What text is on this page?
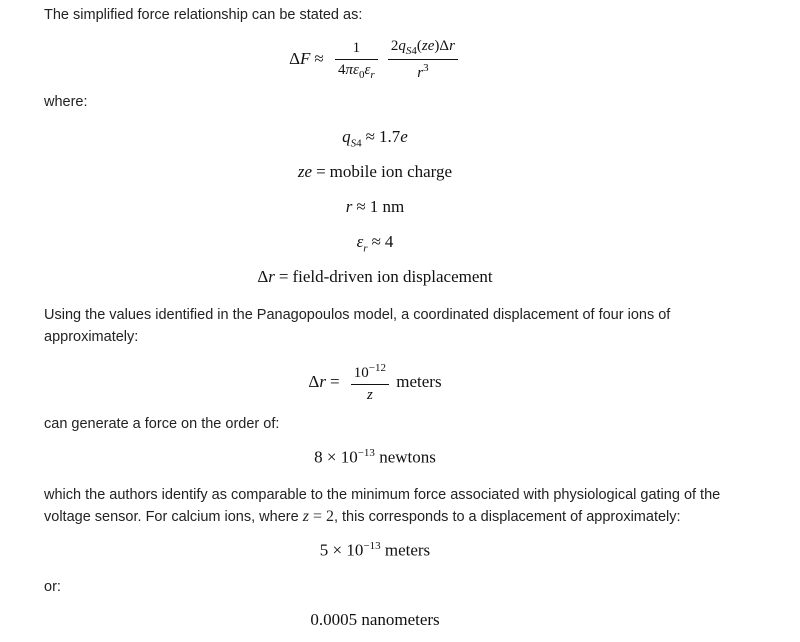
The simplified force relationship can be stated as:
$\Delta F \approx \frac{1}{4\pi\varepsilon_0\varepsilon_r}$
$\frac{2q_{S4}(ze)\Delta r}{r^3}$
where:
$q_{S4} \approx 1.7e$
ze = mobile ion charge
r ≈ 1 nm
$\varepsilon_r \approx 4$
Δr = field-driven ion displacement
Using the values identified in the Panagopoulos model, a coordinated displacement of four ions of approximately:
$\Delta r = \frac{10^{-12}}{z}$ meters
can generate a force on the order of:
$8 \times 10^{-13}$ newtons
which the authors identify as comparable to the minimum force associated with physiological gating of the voltage sensor. For calcium ions, where z = 2, this corresponds to a displacement of approximately:
$5 \times 10^{-13}$ meters
or:
0.0005 nanometers
